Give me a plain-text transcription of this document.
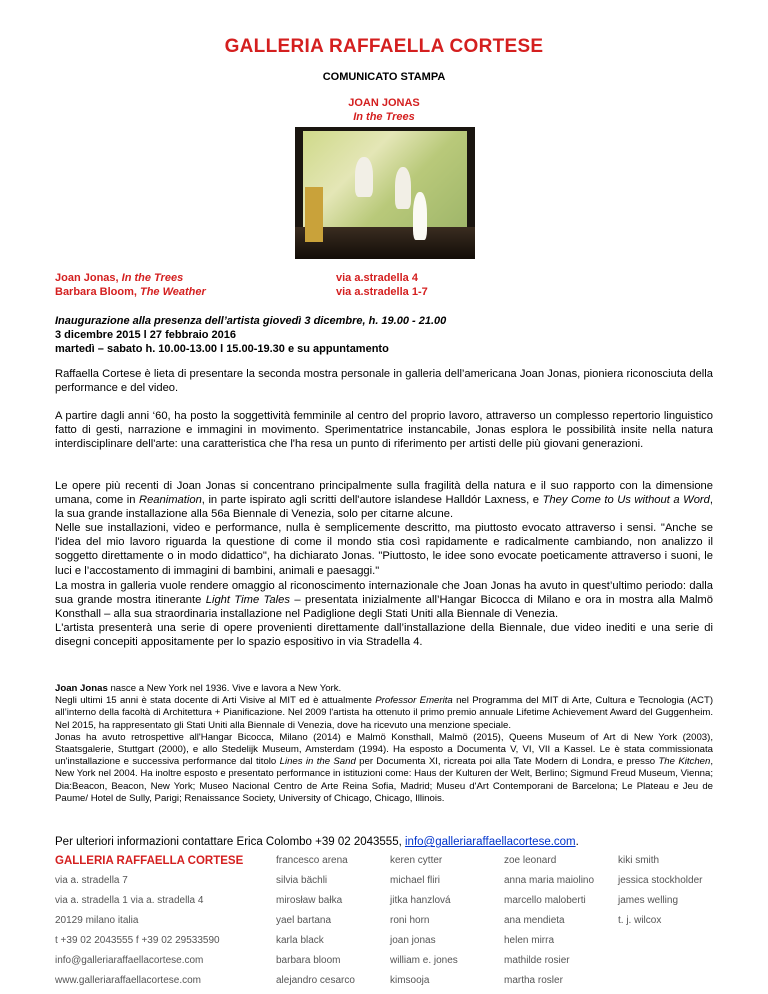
GALLERIA RAFFAELLA CORTESE
COMUNICATO STAMPA
JOAN JONAS
In the Trees
Joan Jonas, In the Trees
Barbara Bloom, The Weather
via a.stradella 4
via a.stradella 1-7
Inaugurazione alla presenza dell’artista giovedì 3 dicembre, h. 19.00 - 21.00
3 dicembre 2015 l 27 febbraio 2016
martedì – sabato h. 10.00-13.00 l 15.00-19.30 e su appuntamento
Raffaella Cortese è lieta di presentare la seconda mostra personale in galleria dell’americana Joan Jonas, pioniera riconosciuta della performance e del video.
A partire dagli anni ‘60, ha posto la soggettività femminile al centro del proprio lavoro, attraverso un complesso repertorio linguistico fatto di gesti, narrazione e immagini in movimento. Sperimentatrice instancabile, Jonas esplora le possibilità insite nella natura interdisciplinare dell'arte: una caratteristica che l'ha resa un punto di riferimento per artisti delle più giovani generazioni.
Le opere più recenti di Joan Jonas si concentrano principalmente sulla fragilità della natura e il suo rapporto con la dimensione umana, come in Reanimation, in parte ispirato agli scritti dell'autore islandese Halldór Laxness, e They Come to Us without a Word, la sua grande installazione alla 56a Biennale di Venezia, solo per citarne alcune.
Nelle sue installazioni, video e performance, nulla è semplicemente descritto, ma piuttosto evocato attraverso i sensi. "Anche se l'idea del mio lavoro riguarda la questione di come il mondo stia così rapidamente e radicalmente cambiando, non analizzo il soggetto direttamente o in modo didattico", ha dichiarato Jonas. "Piuttosto, le idee sono evocate poeticamente attraverso i suoni, le luci e l’accostamento di immagini di bambini, animali e paesaggi."
La mostra in galleria vuole rendere omaggio al riconoscimento internazionale che Joan Jonas ha avuto in quest’ultimo periodo: dalla sua grande mostra itinerante Light Time Tales – presentata inizialmente all’Hangar Bicocca di Milano e ora in mostra alla Malmö Konsthall – alla sua straordinaria installazione nel Padiglione degli Stati Uniti alla Biennale di Venezia.
L'artista presenterà una serie di opere provenienti direttamente dall’installazione della Biennale, due video inediti e una serie di disegni concepiti appositamente per lo spazio espositivo in via Stradella 4.
Joan Jonas nasce a New York nel 1936. Vive e lavora a New York.
Negli ultimi 15 anni è stata docente di Arti Visive al MIT ed è attualmente Professor Emerita nel Programma del MIT di Arte, Cultura e Tecnologia (ACT) all’interno della facoltà di Architettura + Pianificazione. Nel 2009 l'artista ha ottenuto il primo premio annuale Lifetime Achievement Award del Guggenheim. Nel 2015, ha rappresentato gli Stati Uniti alla Biennale di Venezia, dove ha ricevuto una menzione speciale.
Jonas ha avuto retrospettive all'Hangar Bicocca, Milano (2014) e Malmö Konsthall, Malmö (2015), Queens Museum of Art di New York (2003), Staatsgalerie, Stuttgart (2000), e allo Stedelijk Museum, Amsterdam (1994). Ha esposto a Documenta V, VI, VII a Kassel. Le è stata commissionata un'installazione e successiva performance dal titolo Lines in the Sand per Documenta XI, ricreata poi alla Tate Modern di Londra, e presso The Kitchen, New York nel 2004. Ha inoltre esposto e presentato performance in istituzioni come: Haus der Kulturen der Welt, Berlino; Sigmund Freud Museum, Vienna; Dia:Beacon, Beacon, New York; Museo Nacional Centro de Arte Reina Sofia, Madrid; Museu d'Art Contemporani de Barcelona; Le Plateau e Jeu de Paume/ Hotel de Sully, Parigi; Renaissance Society, University of Chicago, Chicago, Illinois.
Per ulteriori informazioni contattare Erica Colombo +39 02 2043555, info@galleriaraffaellacortese.com.
GALLERIA RAFFAELLA CORTESE
via a. stradella 7
via a. stradella 1 via a. stradella 4
20129 milano italia
t +39 02 2043555 f +39 02 29533590
info@galleriaraffaellacortese.com
www.galleriaraffaellacortese.com
francesco arena
silvia bächli
mirosław bałka
yael bartana
karla black
barbara bloom
alejandro cesarco
keren cytter
michael fliri
jitka hanzlová
roni horn
joan jonas
william e. jones
kimsooja
zoe leonard
anna maria maiolino
marcello maloberti
ana mendieta
helen mirra
mathilde rosier
martha rosler
kiki smith
jessica stockholder
james welling
t. j. wilcox
